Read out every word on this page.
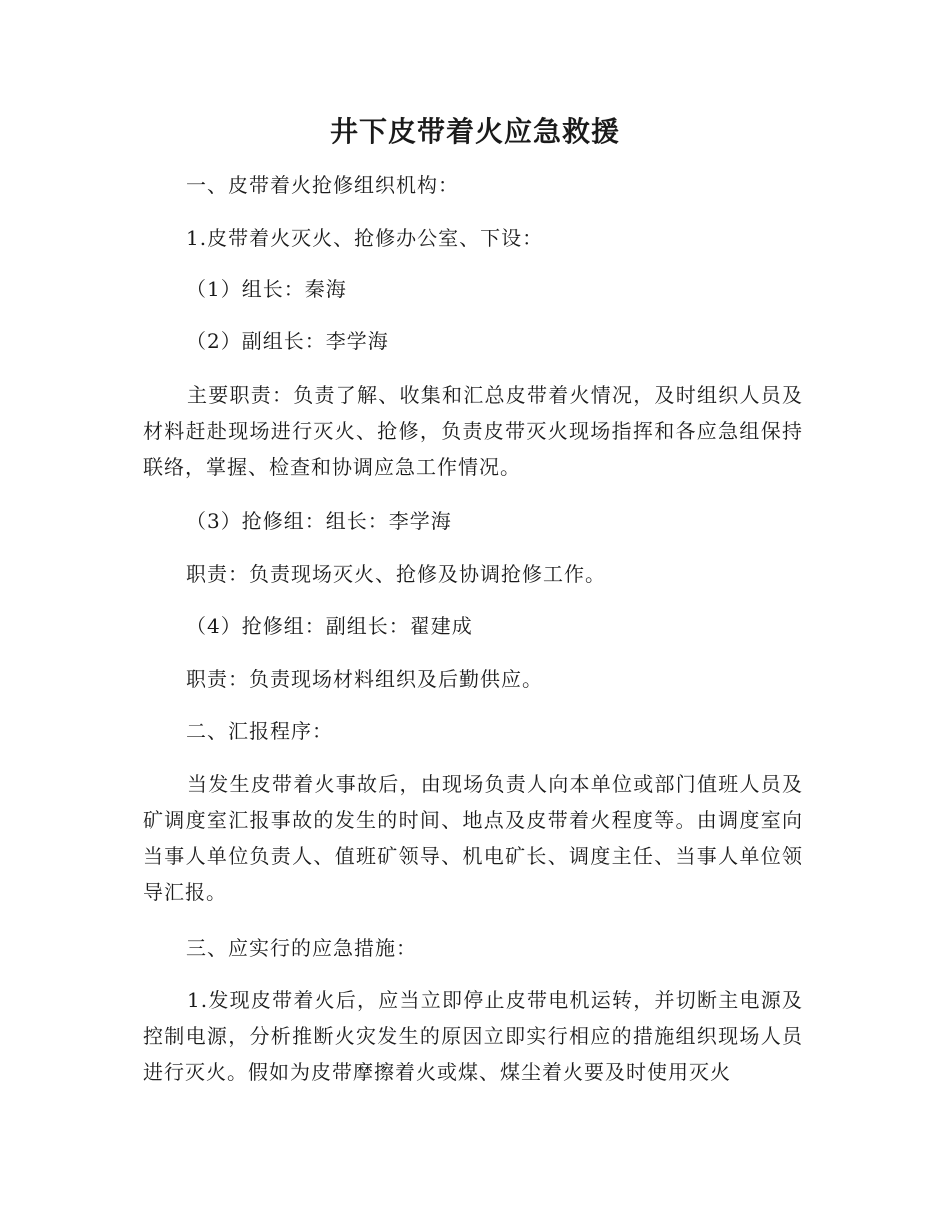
井下皮带着火应急救援

一、皮带着火抢修组织机构：

1.皮带着火灭火、抢修办公室、下设：

（1）组长：秦海

（2）副组长：李学海

主要职责：负责了解、收集和汇总皮带着火情况，及时组织人员及材料赶赴现场进行灭火、抢修，负责皮带灭火现场指挥和各应急组保持联络，掌握、检查和协调应急工作情况。

（3）抢修组：组长：李学海

职责：负责现场灭火、抢修及协调抢修工作。

（4）抢修组：副组长：翟建成

职责：负责现场材料组织及后勤供应。

二、汇报程序：

当发生皮带着火事故后，由现场负责人向本单位或部门值班人员及矿调度室汇报事故的发生的时间、地点及皮带着火程度等。由调度室向当事人单位负责人、值班矿领导、机电矿长、调度主任、当事人单位领导汇报。

三、应实行的应急措施：

1.发现皮带着火后，应当立即停止皮带电机运转，并切断主电源及控制电源，分析推断火灾发生的原因立即实行相应的措施组织现场人员进行灭火。假如为皮带摩擦着火或煤、煤尘着火要及时使用灭火
